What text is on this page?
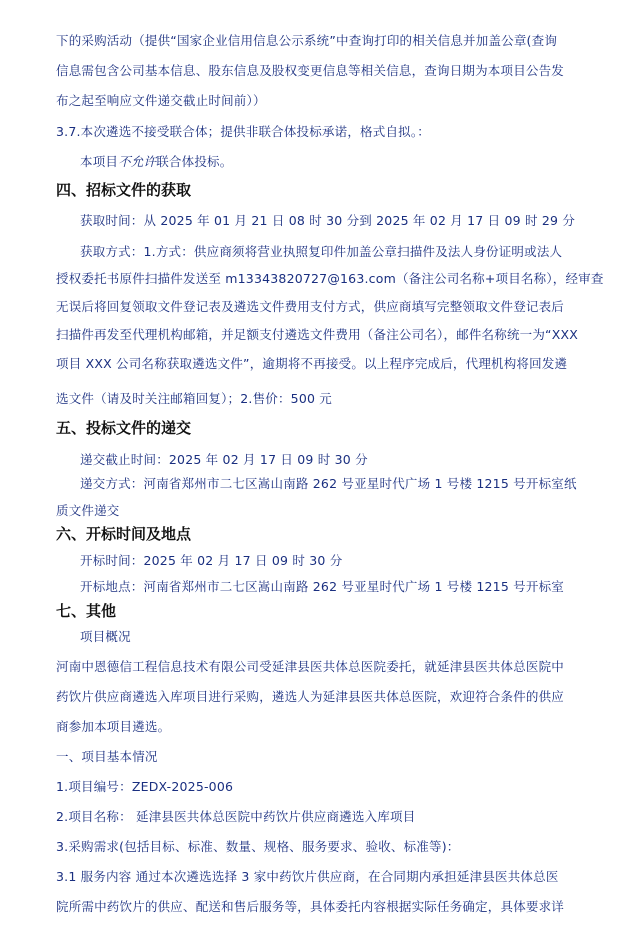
下的采购活动（提供“国家企业信用信息公示系统”中查询打印的相关信息并加盖公章(查询
信息需包含公司基本信息、股东信息及股权变更信息等相关信息，查询日期为本项目公告发
布之起至响应文件递交截止时间前））
3.7.本次遴选不接受联合体；提供非联合体投标承诺，格式自拟。：
本项目不允许联合体投标。
四、招标文件的获取
获取时间：从 2025 年 01 月 21 日 08 时 30 分到 2025 年 02 月 17 日 09 时 29 分
获取方式：1.方式：供应商须将营业执照复印件加盖公章扫描件及法人身份证明或法人
授权委托书原件扫描件发送至 m13343820727@163.com（备注公司名称+项目名称），经审查
无误后将回复领取文件登记表及遴选文件费用支付方式，供应商填写完整领取文件登记表后
扫描件再发至代理机构邮箱，并足额支付遴选文件费用（备注公司名），邮件名称统一为“XXX
项目 XXX 公司名称获取遴选文件”，逾期将不再接受。以上程序完成后，代理机构将回发遴
选文件（请及时关注邮箱回复）；2.售价：500 元
五、投标文件的递交
递交截止时间：2025 年 02 月 17 日 09 时 30 分
递交方式：河南省郑州市二七区嵩山南路 262 号亚星时代广场 1 号楼 1215 号开标室纸
质文件递交
六、开标时间及地点
开标时间：2025 年 02 月 17 日 09 时 30 分
开标地点：河南省郑州市二七区嵩山南路 262 号亚星时代广场 1 号楼 1215 号开标室
七、其他
项目概况
河南中恩德信工程信息技术有限公司受延津县医共体总医院委托，就延津县医共体总医院中
药饮片供应商遴选入库项目进行采购，遴选人为延津县医共体总医院，欢迎符合条件的供应
商参加本项目遴选。
一、项目基本情况
1.项目编号：ZEDX-2025-006
2.项目名称： 延津县医共体总医院中药饮片供应商遴选入库项目
3.采购需求(包括目标、标准、数量、规格、服务要求、验收、标准等)：
3.1 服务内容 通过本次遴选选择 3 家中药饮片供应商，在合同期内承担延津县医共体总医
院所需中药饮片的供应、配送和售后服务等，具体委托内容根据实际任务确定，具体要求详
